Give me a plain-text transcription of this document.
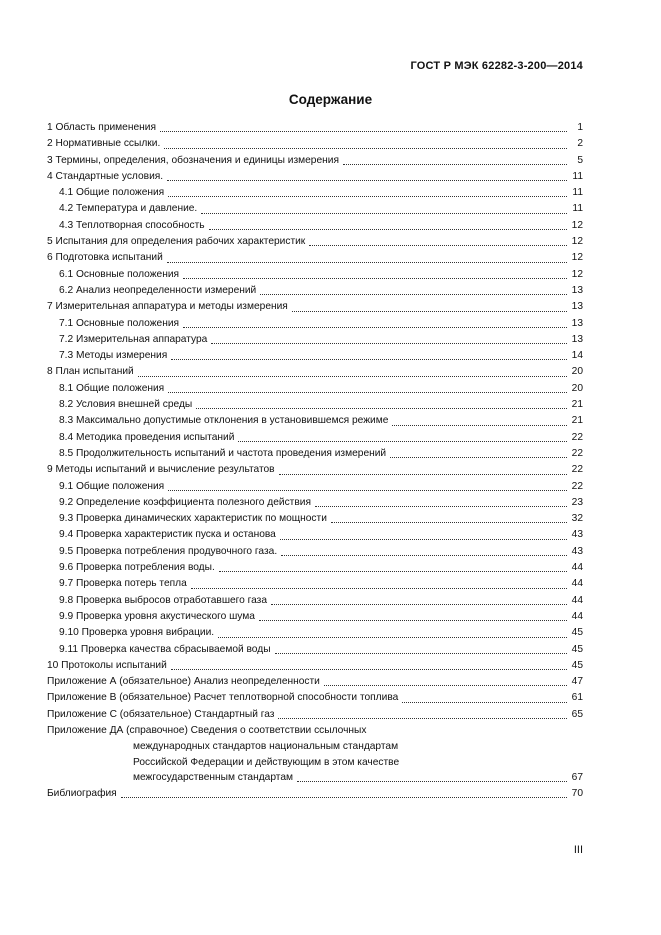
ГОСТ Р МЭК 62282-3-200—2014
Содержание
1 Область применения	1
2 Нормативные ссылки.	2
3 Термины, определения, обозначения и единицы измерения	5
4 Стандартные условия.	11
4.1 Общие положения	11
4.2 Температура и давление.	11
4.3 Теплотворная способность	12
5 Испытания для определения рабочих характеристик	12
6 Подготовка испытаний	12
6.1 Основные положения	12
6.2 Анализ неопределенности измерений	13
7 Измерительная аппаратура и методы измерения	13
7.1 Основные положения	13
7.2 Измерительная аппаратура	13
7.3 Методы измерения	14
8 План испытаний	20
8.1 Общие положения	20
8.2 Условия внешней среды	21
8.3 Максимально допустимые отклонения в установившемся режиме	21
8.4 Методика проведения испытаний	22
8.5 Продолжительность испытаний и частота проведения измерений	22
9 Методы испытаний и вычисление результатов	22
9.1 Общие положения	22
9.2 Определение коэффициента полезного действия	23
9.3 Проверка динамических характеристик по мощности	32
9.4 Проверка характеристик пуска и останова	43
9.5 Проверка потребления продувочного газа.	43
9.6 Проверка потребления воды.	44
9.7 Проверка потерь тепла	44
9.8 Проверка выбросов отработавшего газа	44
9.9 Проверка уровня акустического шума	44
9.10 Проверка уровня вибрации.	45
9.11 Проверка качества сбрасываемой воды	45
10 Протоколы испытаний	45
Приложение А (обязательное) Анализ неопределенности	47
Приложение В (обязательное) Расчет теплотворной способности топлива	61
Приложение С (обязательное) Стандартный газ	65
Приложение ДА (справочное) Сведения о соответствии ссылочных
международных стандартов национальным стандартам
Российской Федерации и действующим в этом качестве
межгосударственным стандартам	67
Библиография	70
III
